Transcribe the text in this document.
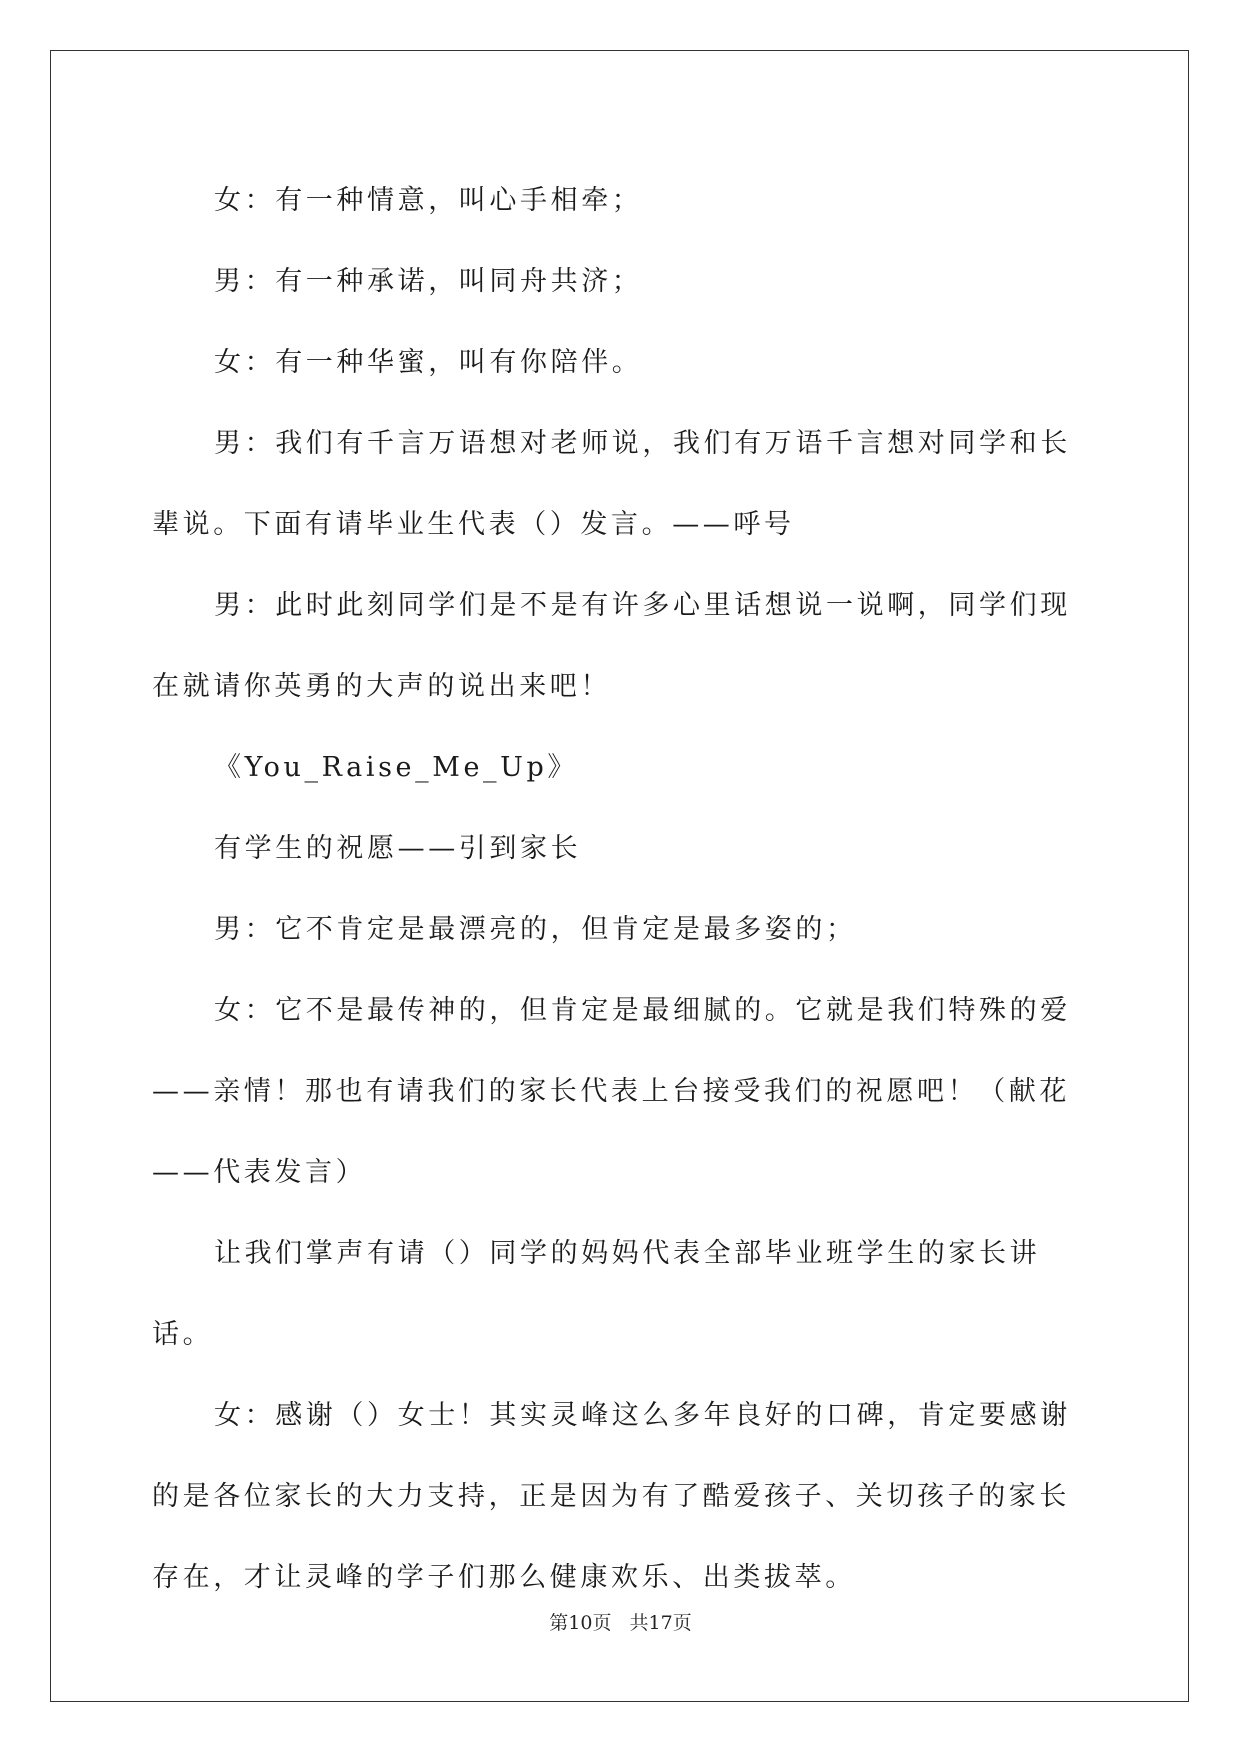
女：有一种情意，叫心手相牵；

男：有一种承诺，叫同舟共济；

女：有一种华蜜，叫有你陪伴。

男：我们有千言万语想对老师说，我们有万语千言想对同学和长辈说。下面有请毕业生代表（）发言。——呼号

男：此时此刻同学们是不是有许多心里话想说一说啊，同学们现在就请你英勇的大声的说出来吧！

《You_Raise_Me_Up》

有学生的祝愿——引到家长

男：它不肯定是最漂亮的，但肯定是最多姿的；

女：它不是最传神的，但肯定是最细腻的。它就是我们特殊的爱——亲情！那也有请我们的家长代表上台接受我们的祝愿吧！（献花——代表发言）

让我们掌声有请（）同学的妈妈代表全部毕业班学生的家长讲话。

女：感谢（）女士！其实灵峰这么多年良好的口碑，肯定要感谢的是各位家长的大力支持，正是因为有了酷爱孩子、关切孩子的家长存在，才让灵峰的学子们那么健康欢乐、出类拔萃。

第10页 共17页
